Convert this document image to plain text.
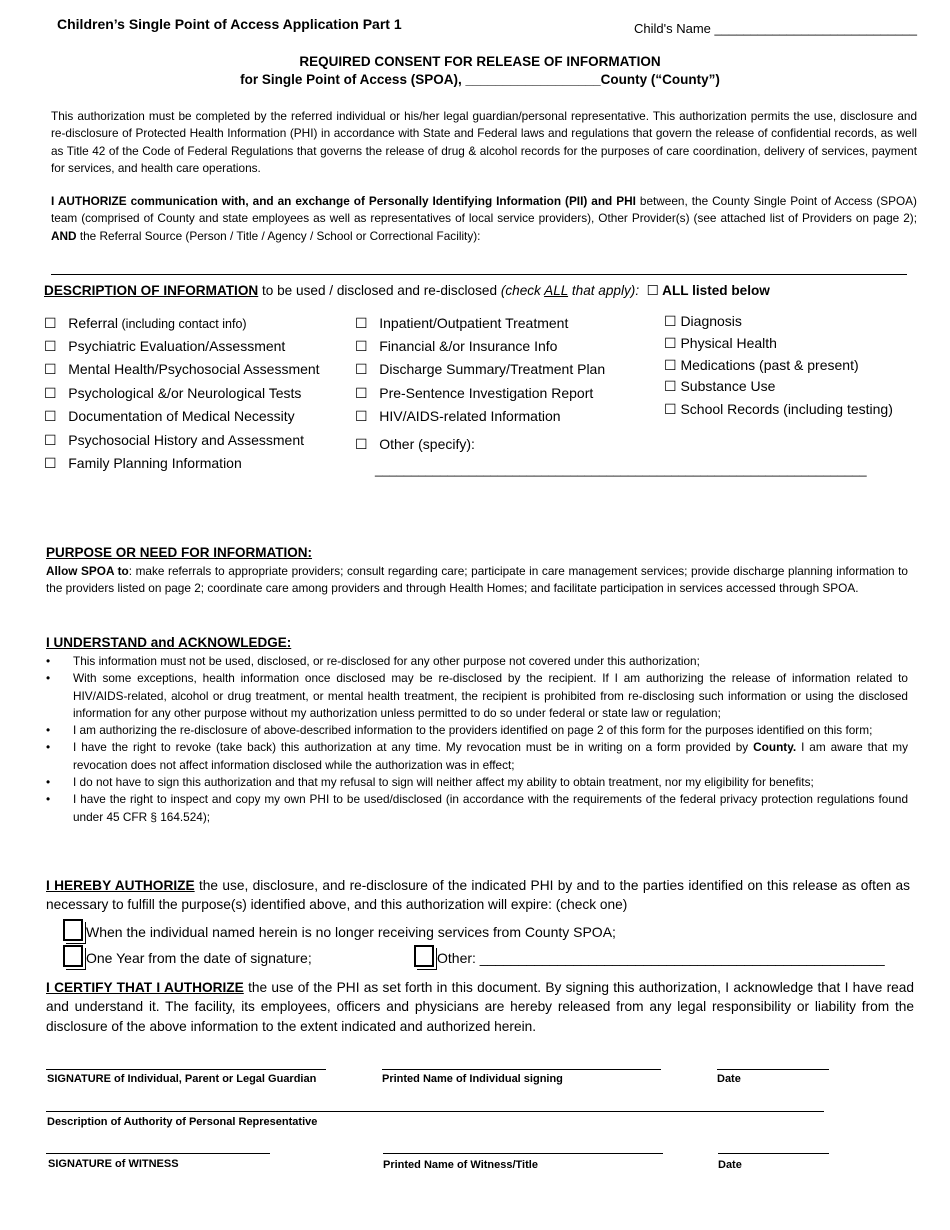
Children’s Single Point of Access Application Part 1	Child's Name ____________________________
REQUIRED CONSENT FOR RELEASE OF INFORMATION
for Single Point of Access (SPOA), __________________County (“County”)
This authorization must be completed by the referred individual or his/her legal guardian/personal representative. This authorization permits the use, disclosure and re-disclosure of Protected Health Information (PHI) in accordance with State and Federal laws and regulations that govern the release of confidential records, as well as Title 42 of the Code of Federal Regulations that governs the release of drug & alcohol records for the purposes of care coordination, delivery of services, payment for services, and health care operations.
I AUTHORIZE communication with, and an exchange of Personally Identifying Information (PII) and PHI between, the County Single Point of Access (SPOA) team (comprised of County and state employees as well as representatives of local service providers), Other Provider(s) (see attached list of Providers on page 2); AND the Referral Source (Person / Title / Agency / School or Correctional Facility):
DESCRIPTION OF INFORMATION to be used / disclosed and re-disclosed (check ALL that apply): ☐ ALL listed below
☐ Referral (including contact info)
☐ Psychiatric Evaluation/Assessment
☐ Mental Health/Psychosocial Assessment
☐ Psychological &/or Neurological Tests
☐ Documentation of Medical Necessity
☐ Psychosocial History and Assessment
☐ Family Planning Information
☐ Inpatient/Outpatient Treatment
☐ Financial &/or Insurance Info
☐ Discharge Summary/Treatment Plan
☐ Pre-Sentence Investigation Report
☐ HIV/AIDS-related Information
☐ Other (specify):
____________________________________________________________________
☐ Diagnosis
☐ Physical Health
☐ Medications (past & present)
☐ Substance Use
☐ School Records (including testing)
PURPOSE OR NEED FOR INFORMATION:
Allow SPOA to: make referrals to appropriate providers; consult regarding care; participate in care management services; provide discharge planning information to the providers listed on page 2; coordinate care among providers and through Health Homes; and facilitate participation in services accessed through SPOA.
I UNDERSTAND and ACKNOWLEDGE:
• This information must not be used, disclosed, or re-disclosed for any other purpose not covered under this authorization;
• With some exceptions, health information once disclosed may be re-disclosed by the recipient. If I am authorizing the release of information related to HIV/AIDS-related, alcohol or drug treatment, or mental health treatment, the recipient is prohibited from re-disclosing such information or using the disclosed information for any other purpose without my authorization unless permitted to do so under federal or state law or regulation;
• I am authorizing the re-disclosure of above-described information to the providers identified on page 2 of this form for the purposes identified on this form;
• I have the right to revoke (take back) this authorization at any time. My revocation must be in writing on a form provided by County. I am aware that my revocation does not affect information disclosed while the authorization was in effect;
• I do not have to sign this authorization and that my refusal to sign will neither affect my ability to obtain treatment, nor my eligibility for benefits;
• I have the right to inspect and copy my own PHI to be used/disclosed (in accordance with the requirements of the federal privacy protection regulations found under 45 CFR § 164.524);
I HEREBY AUTHORIZE the use, disclosure, and re-disclosure of the indicated PHI by and to the parties identified on this release as often as necessary to fulfill the purpose(s) identified above, and this authorization will expire: (check one)
When the individual named herein is no longer receiving services from County SPOA;
One Year from the date of signature;	Other: ____________________________________________________
I CERTIFY THAT I AUTHORIZE the use of the PHI as set forth in this document. By signing this authorization, I acknowledge that I have read and understand it. The facility, its employees, officers and physicians are hereby released from any legal responsibility or liability from the disclosure of the above information to the extent indicated and authorized herein.
SIGNATURE of Individual, Parent or Legal Guardian	Printed Name of Individual signing	Date
Description of Authority of Personal Representative
SIGNATURE of WITNESS	Printed Name of Witness/Title	Date
